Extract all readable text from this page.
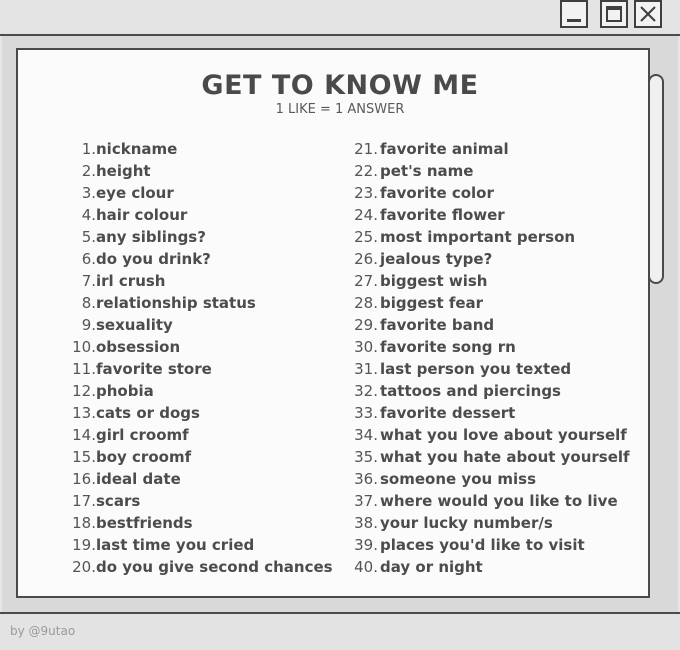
GET TO KNOW ME
1 LIKE = 1 ANSWER
1.nickname
2.height
3.eye clour
4.hair colour
5.any siblings?
6.do you drink?
7.irl crush
8.relationship status
9.sexuality
10.obsession
11.favorite store
12.phobia
13.cats or dogs
14.girl croomf
15.boy croomf
16.ideal date
17.scars
18.bestfriends
19.last time you cried
20.do you give second chances
21. favorite animal
22. pet's name
23. favorite color
24. favorite flower
25. most important person
26. jealous type?
27. biggest wish
28. biggest fear
29. favorite band
30. favorite song rn
31. last person you texted
32. tattoos and piercings
33. favorite dessert
34. what you love about yourself
35. what you hate about yourself
36. someone you miss
37. where would you like to live
38. your lucky number/s
39. places you'd like to visit
40. day or night
by @9utao
